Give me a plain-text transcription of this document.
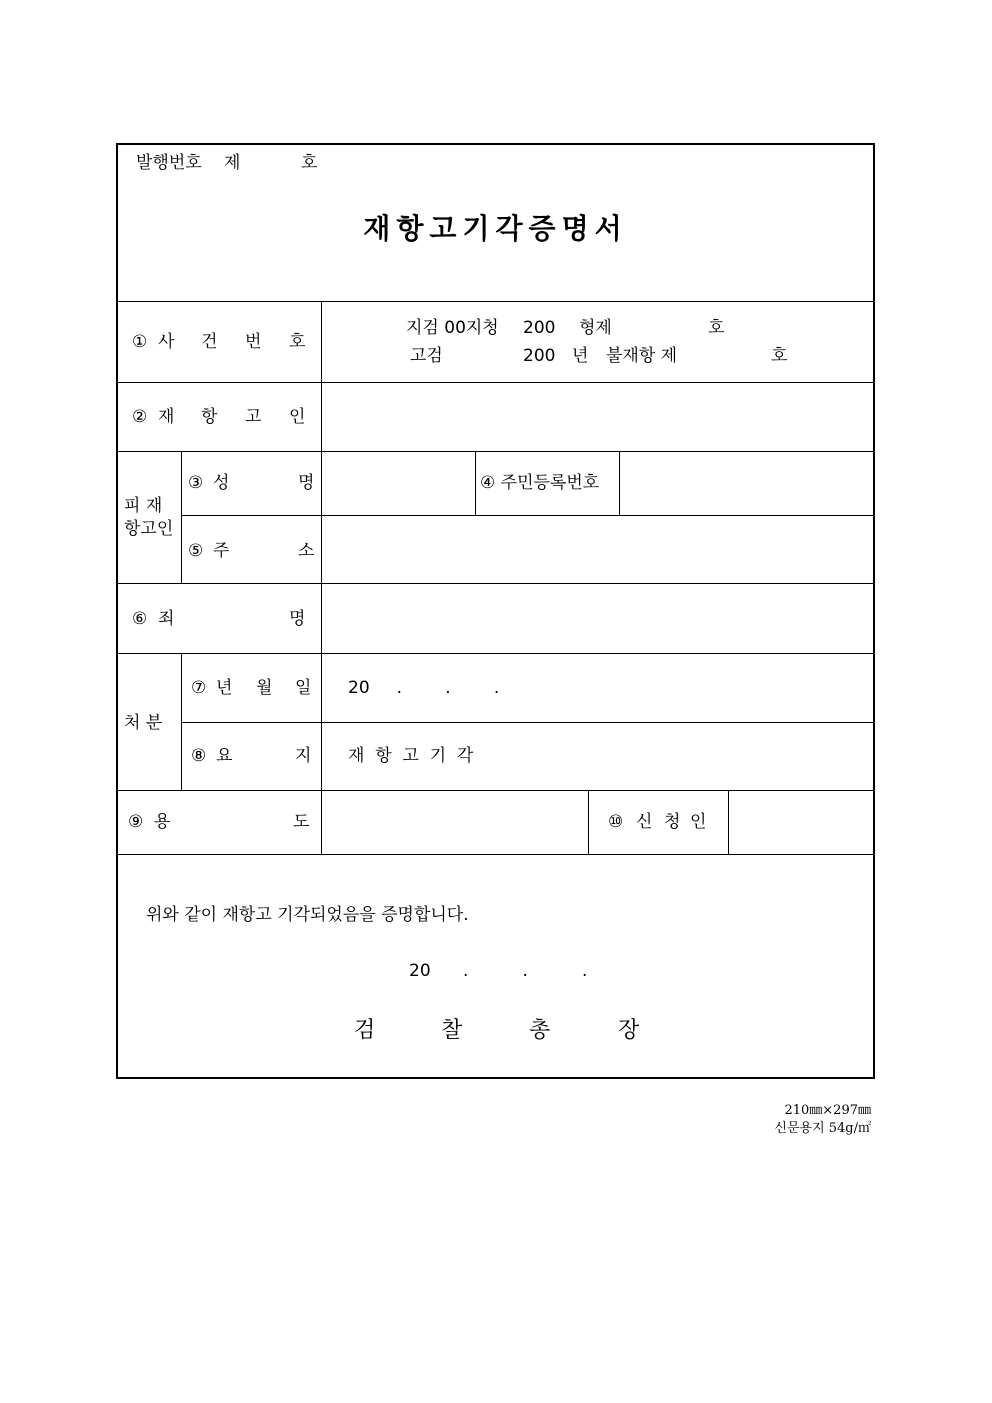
발행번호 제	호
재항고기각증명서
① 사 건 번 호
지검 00지청 200 형제	호
고검	200 년 불재항 제	호
② 재 항 고 인
피 재
항고인
③ 성	명	④ 주민등록번호
⑤ 주	소
⑥ 죄	명
처 분
⑦ 년 월 일 20     .        .        .
⑧ 요	지 재  항  고  기  각
⑨ 용	도	⑩ 신 청 인
위와 같이 재항고 기각되었음을 증명합니다.
20      .          .          .
검	찰	총	장
210㎜×297㎜
신문용지 54g/㎡
